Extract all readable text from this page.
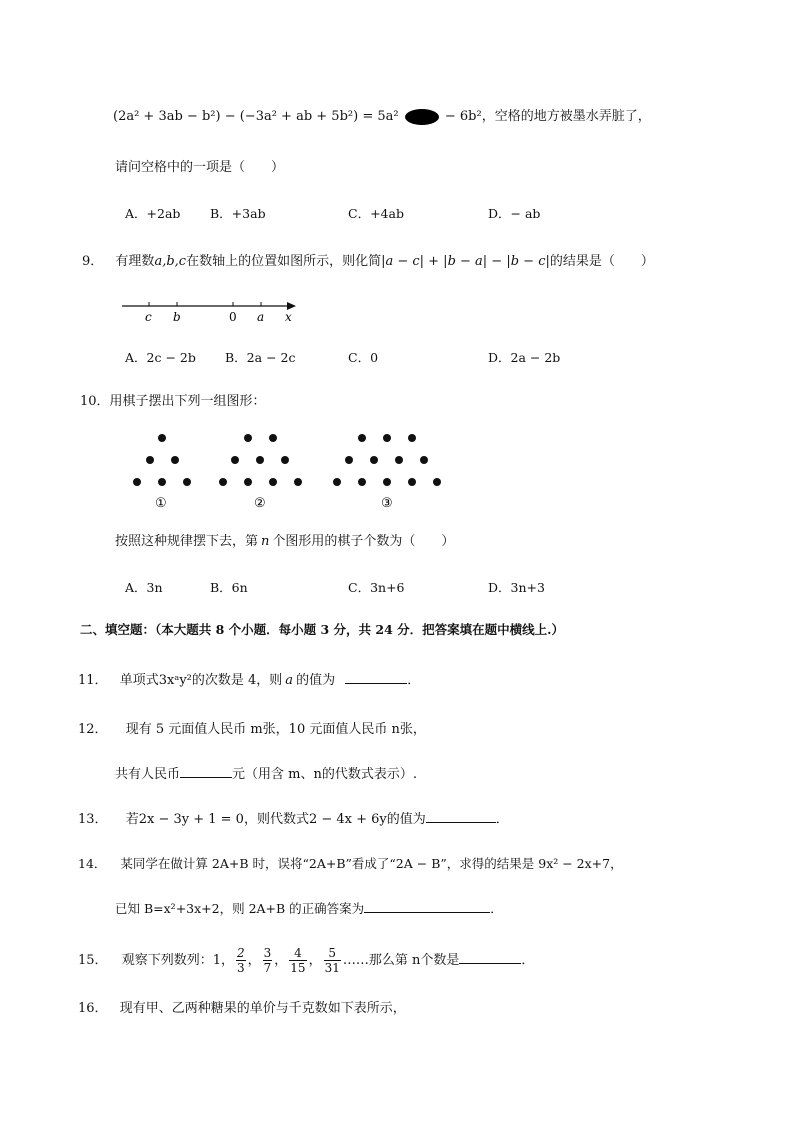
(2a² + 3ab − b²) − (−3a² + ab + 5b²) = 5a²	− 6b²，空格的地方被墨水弄脏了，
请问空格中的一项是（　　）
A．+2ab B．+3ab	C．+4ab	D．− ab
9． 有理数a,b,c在数轴上的位置如图所示，则化简|a − c| + |b − a| − |b − c|的结果是（　　）
c b	0 a x
A．2c − 2b B．2a − 2c	C．0	D．2a − 2b
10．用棋子摆出下列一组图形：
①	②	③
按照这种规律摆下去，第 n 个图形用的棋子个数为（　　）
A．3n	B．6n	C．3n+6	D．3n+3
二、填空题：（本大题共 8 个小题．每小题 3 分，共 24 分．把答案填在题中横线上.）
11． 单项式3xᵃy²的次数是 4，则 a 的值为	．
12． 现有 5 元面值人民币 m张，10 元面值人民币 n张，
共有人民币	元（用含 m、n的代数式表示）.
13． 若2x − 3y + 1 = 0，则代数式2 − 4x + 6y的值为	．
14． 某同学在做计算 2A+B 时，误将“2A+B”看成了“2A − B”，求得的结果是 9x² − 2x+7，
已知 B=x²+3x+2，则 2A+B 的正确答案为	．
15． 观察下列数列：1， $\frac{2}{3}$ ， $\frac{3}{7}$ ， $\frac{4}{15}$ ， $\frac{5}{31}$ ……那么第 n个数是	．
16． 现有甲、乙两种糖果的单价与千克数如下表所示，
